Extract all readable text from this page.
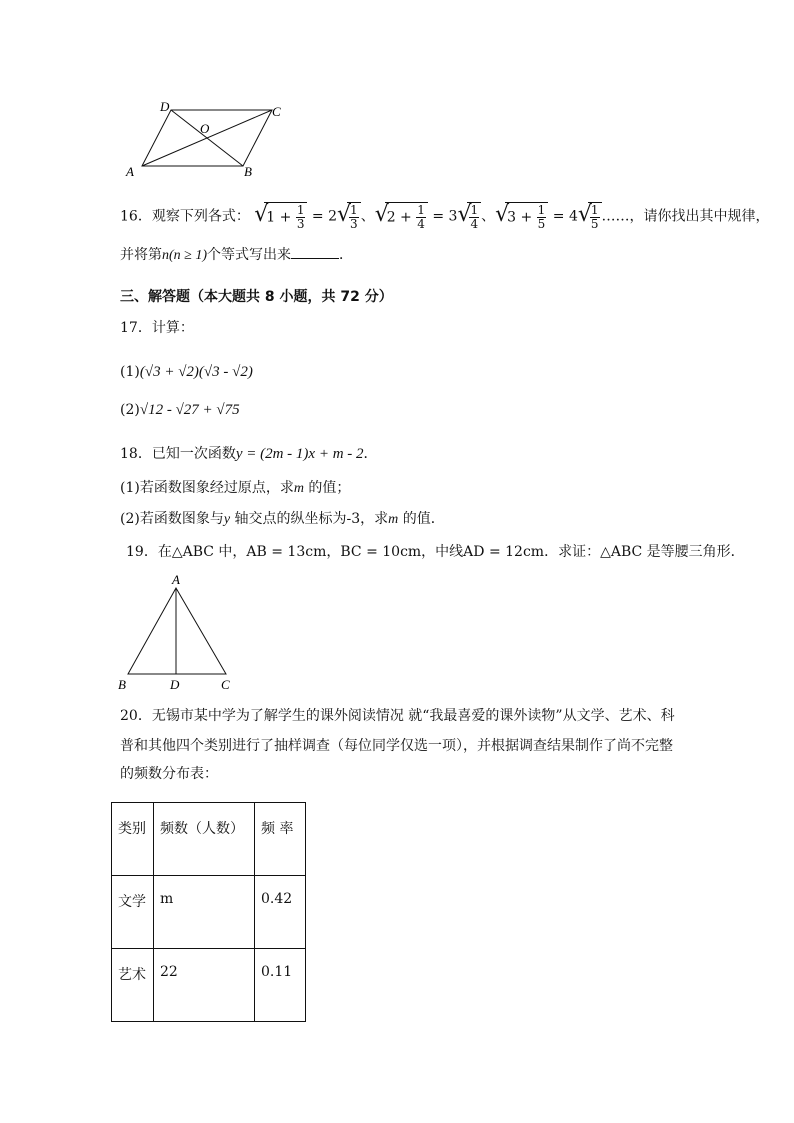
A	B
C
D
O
16．观察下列各式： √
$1 + \frac{1}{3} = 2$ √
$\frac{1}{3}$ 、 √
$2 + \frac{1}{4} = 3$ √
$\frac{1}{4}$ 、 √
$3 + \frac{1}{5} = 4$ √
$\frac{1}{5}$ ……，请你找出其中规律，
并将第n(n ≥ 1)个等式写出来	．
三、解答题（本大题共 8 小题，共 72 分）
17．计算：
(1)(√3 + √2)(√3 - √2)
(2)√12 - √27 + √75
18．已知一次函数y = (2m - 1)x + m - 2．
(1)若函数图象经过原点，求m 的值；
(2)若函数图象与y 轴交点的纵坐标为-3，求m 的值．
19．在△ABC 中，AB = 13cm，BC = 10cm，中线AD = 12cm．求证：△ABC 是等腰三角形．
A
B	D	C
20．无锡市某中学为了解学生的课外阅读情况 就“我最喜爱的课外读物”从文学、艺术、科
普和其他四个类别进行了抽样调查（每位同学仅选一项），并根据调查结果制作了尚不完整
的频数分布表：
类别	频数（人数）	频 率
文学	m	0.42
艺术	22	0.11
